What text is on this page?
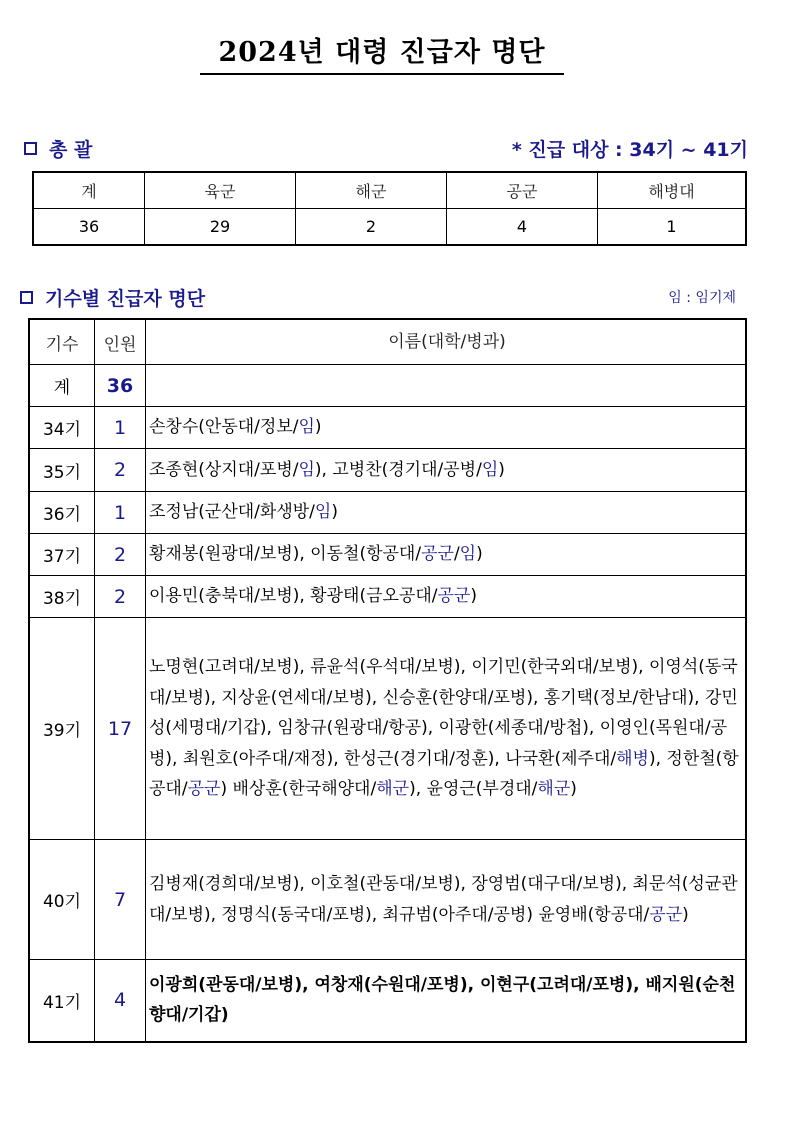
2024년 대령 진급자 명단
총 괄	* 진급 대상 : 34기 ~ 41기
계	육군	해군	공군	해병대
36	29	2	4	1
기수별 진급자 명단	임 : 임기제
기수	인원	이름(대학/병과)
계	36	
34기	1	손창수(안동대/정보/임)
35기	2	조종현(상지대/포병/임), 고병찬(경기대/공병/임)
36기	1	조정남(군산대/화생방/임)
37기	2	황재봉(원광대/보병), 이동철(항공대/공군/임)
38기	2	이용민(충북대/보병), 황광태(금오공대/공군)
39기	17	노명현(고려대/보병), 류윤석(우석대/보병), 이기민(한국외대/보병), 이영석(동국대/보병), 지상윤(연세대/보병), 신승훈(한양대/포병), 홍기택(정보/한남대), 강민성(세명대/기갑), 임창규(원광대/항공), 이광한(세종대/방첩), 이영인(목원대/공병), 최원호(아주대/재정), 한성근(경기대/정훈), 나국환(제주대/해병), 정한철(항공대/공군) 배상훈(한국해양대/해군), 윤영근(부경대/해군)
40기	7	김병재(경희대/보병), 이호철(관동대/보병), 장영범(대구대/보병), 최문석(성균관대/보병), 정명식(동국대/포병), 최규범(아주대/공병) 윤영배(항공대/공군)
41기	4	이광희(관동대/보병), 여창재(수원대/포병), 이현구(고려대/포병), 배지원(순천향대/기갑)
